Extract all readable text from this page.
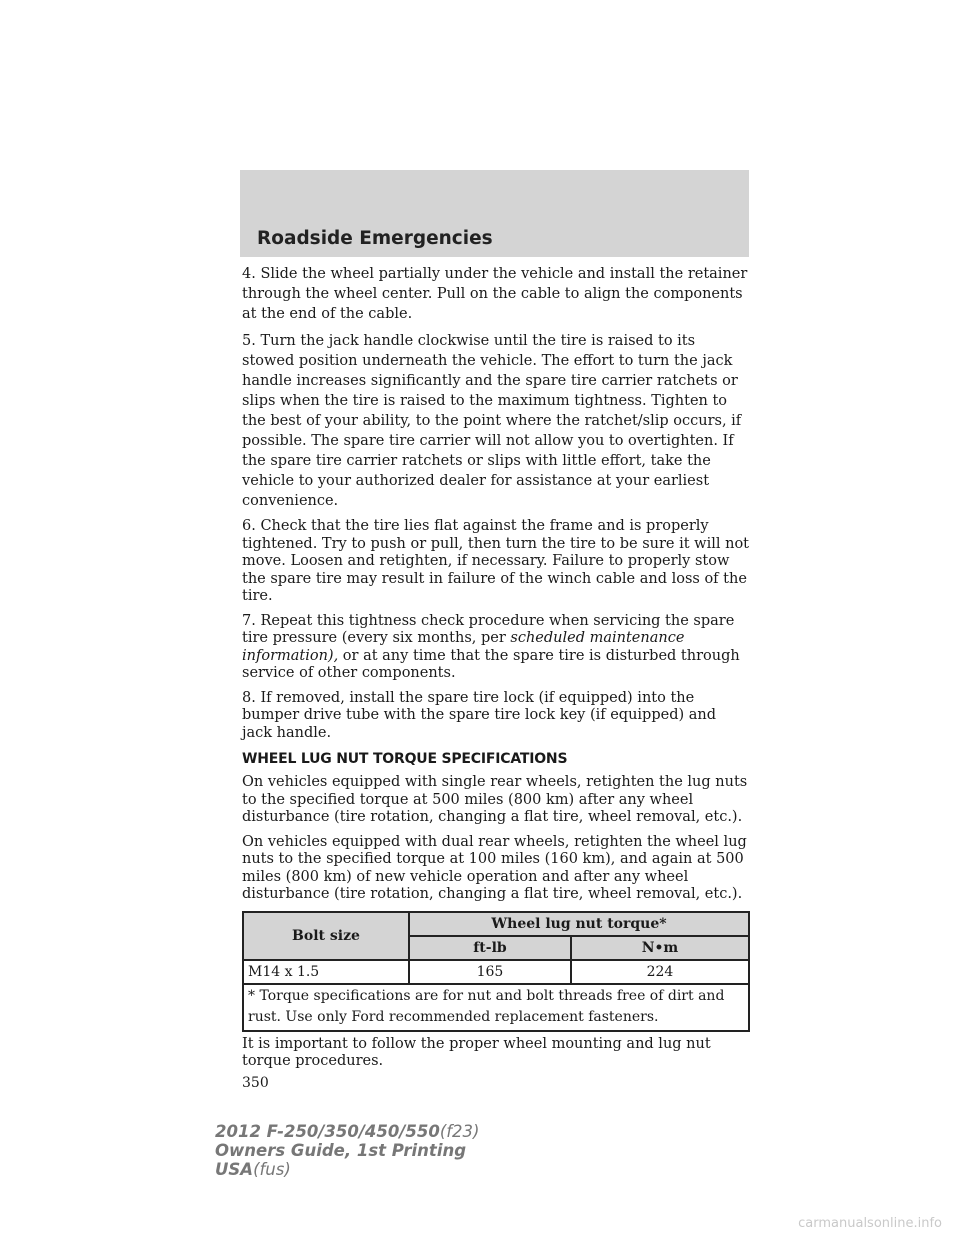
Roadside Emergencies

4. Slide the wheel partially under the vehicle and install the retainer through the wheel center. Pull on the cable to align the components at the end of the cable.

5. Turn the jack handle clockwise until the tire is raised to its stowed position underneath the vehicle. The effort to turn the jack handle increases significantly and the spare tire carrier ratchets or slips when the tire is raised to the maximum tightness. Tighten to the best of your ability, to the point where the ratchet/slip occurs, if possible. The spare tire carrier will not allow you to overtighten. If the spare tire carrier ratchets or slips with little effort, take the vehicle to your authorized dealer for assistance at your earliest convenience.

6. Check that the tire lies flat against the frame and is properly tightened. Try to push or pull, then turn the tire to be sure it will not move. Loosen and retighten, if necessary. Failure to properly stow the spare tire may result in failure of the winch cable and loss of the tire.

7. Repeat this tightness check procedure when servicing the spare tire pressure (every six months, per scheduled maintenance information), or at any time that the spare tire is disturbed through service of other components.

8. If removed, install the spare tire lock (if equipped) into the bumper drive tube with the spare tire lock key (if equipped) and jack handle.

WHEEL LUG NUT TORQUE SPECIFICATIONS

On vehicles equipped with single rear wheels, retighten the lug nuts to the specified torque at 500 miles (800 km) after any wheel disturbance (tire rotation, changing a flat tire, wheel removal, etc.).

On vehicles equipped with dual rear wheels, retighten the wheel lug nuts to the specified torque at 100 miles (160 km), and again at 500 miles (800 km) of new vehicle operation and after any wheel disturbance (tire rotation, changing a flat tire, wheel removal, etc.).

Bolt size	Wheel lug nut torque*	
	ft-lb	N•m
M14 x 1.5	165	224
* Torque specifications are for nut and bolt threads free of dirt and rust. Use only Ford recommended replacement fasteners.		

It is important to follow the proper wheel mounting and lug nut torque procedures.

350
2012 F-250/350/450/550(f23)
Owners Guide, 1st Printing
USA(fus)
carmanualsonline.info
